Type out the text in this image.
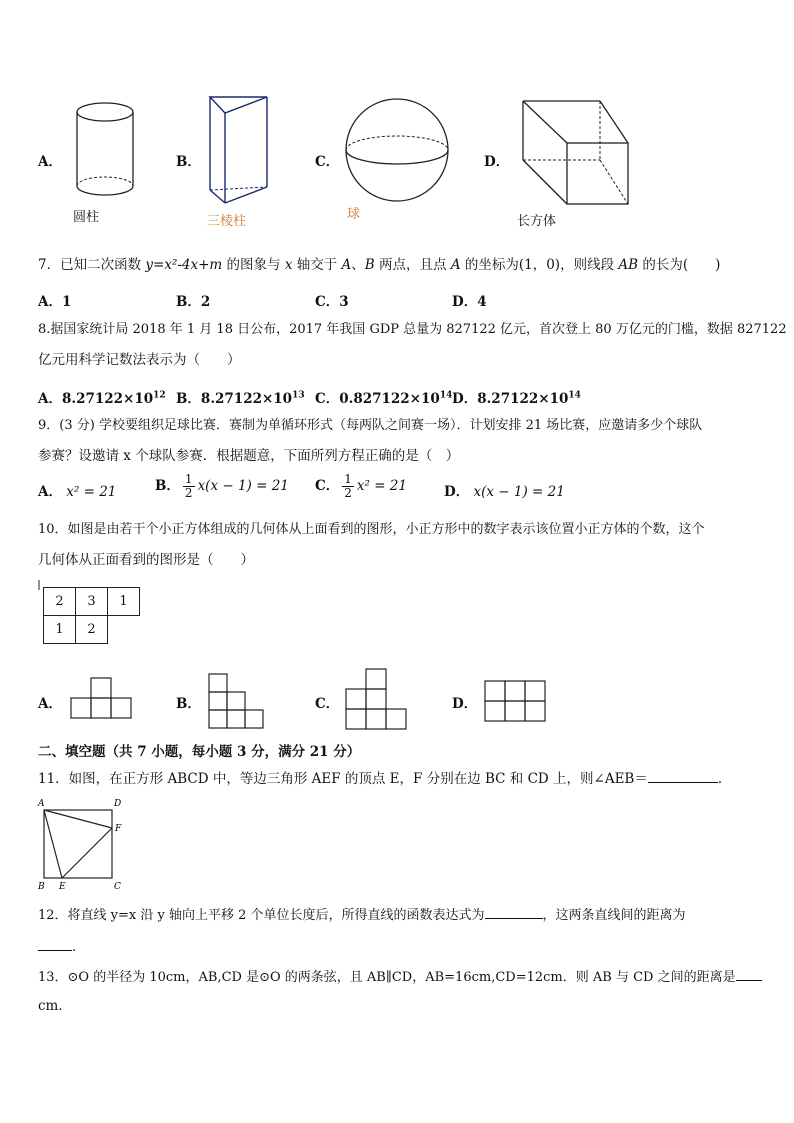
A．
圆柱
B．
三棱柱
C．
球
D．
长方体
7．已知二次函数 y=x²-4x+m 的图象与 x 轴交于 A、B 两点，且点 A 的坐标为(1，0)，则线段 AB 的长为(　　)
A．1	B．2	C．3	D．4
8.据国家统计局 2018 年 1 月 18 日公布，2017 年我国 GDP 总量为 827122 亿元，首次登上 80 万亿元的门槛，数据 827122
亿元用科学记数法表示为（　　）
A．$8.27122\times 10^{12}$ B．$8.27122\times 10^{13}$ C．$0.827122\times 10^{14}$ D．$8.27122\times 10^{14}$
9．(3 分) 学校要组织足球比赛．赛制为单循环形式（每两队之间赛一场）．计划安排 21 场比赛，应邀请多少个球队
参赛？设邀请 x 个球队参赛．根据题意，下面所列方程正确的是（　）
A． x² = 21	B． $\frac{1}{2} x(x - 1) = 21$ C． $\frac{1}{2} x^2 = 21$	D． x(x − 1) = 21
10．如图是由若干个小正方体组成的几何体从上面看到的图形，小正方形中的数字表示该位置小正方体的个数，这个
几何体从正面看到的图形是（　　）
2	3	1
1	2	
A．	B．	C．	D．
二、填空题（共 7 小题，每小题 3 分，满分 21 分）
11．如图，在正方形 ABCD 中，等边三角形 AEF 的顶点 E，F 分别在边 BC 和 CD 上，则∠AEB＝	．
A	D
F
B E	C
12．将直线 y=x 沿 y 轴向上平移 2 个单位长度后，所得直线的函数表达式为	，这两条直线间的距离为
．
13．⊙O 的半径为 10cm，AB,CD 是⊙O 的两条弦，且 AB∥CD，AB=16cm,CD=12cm．则 AB 与 CD 之间的距离是
cm．
